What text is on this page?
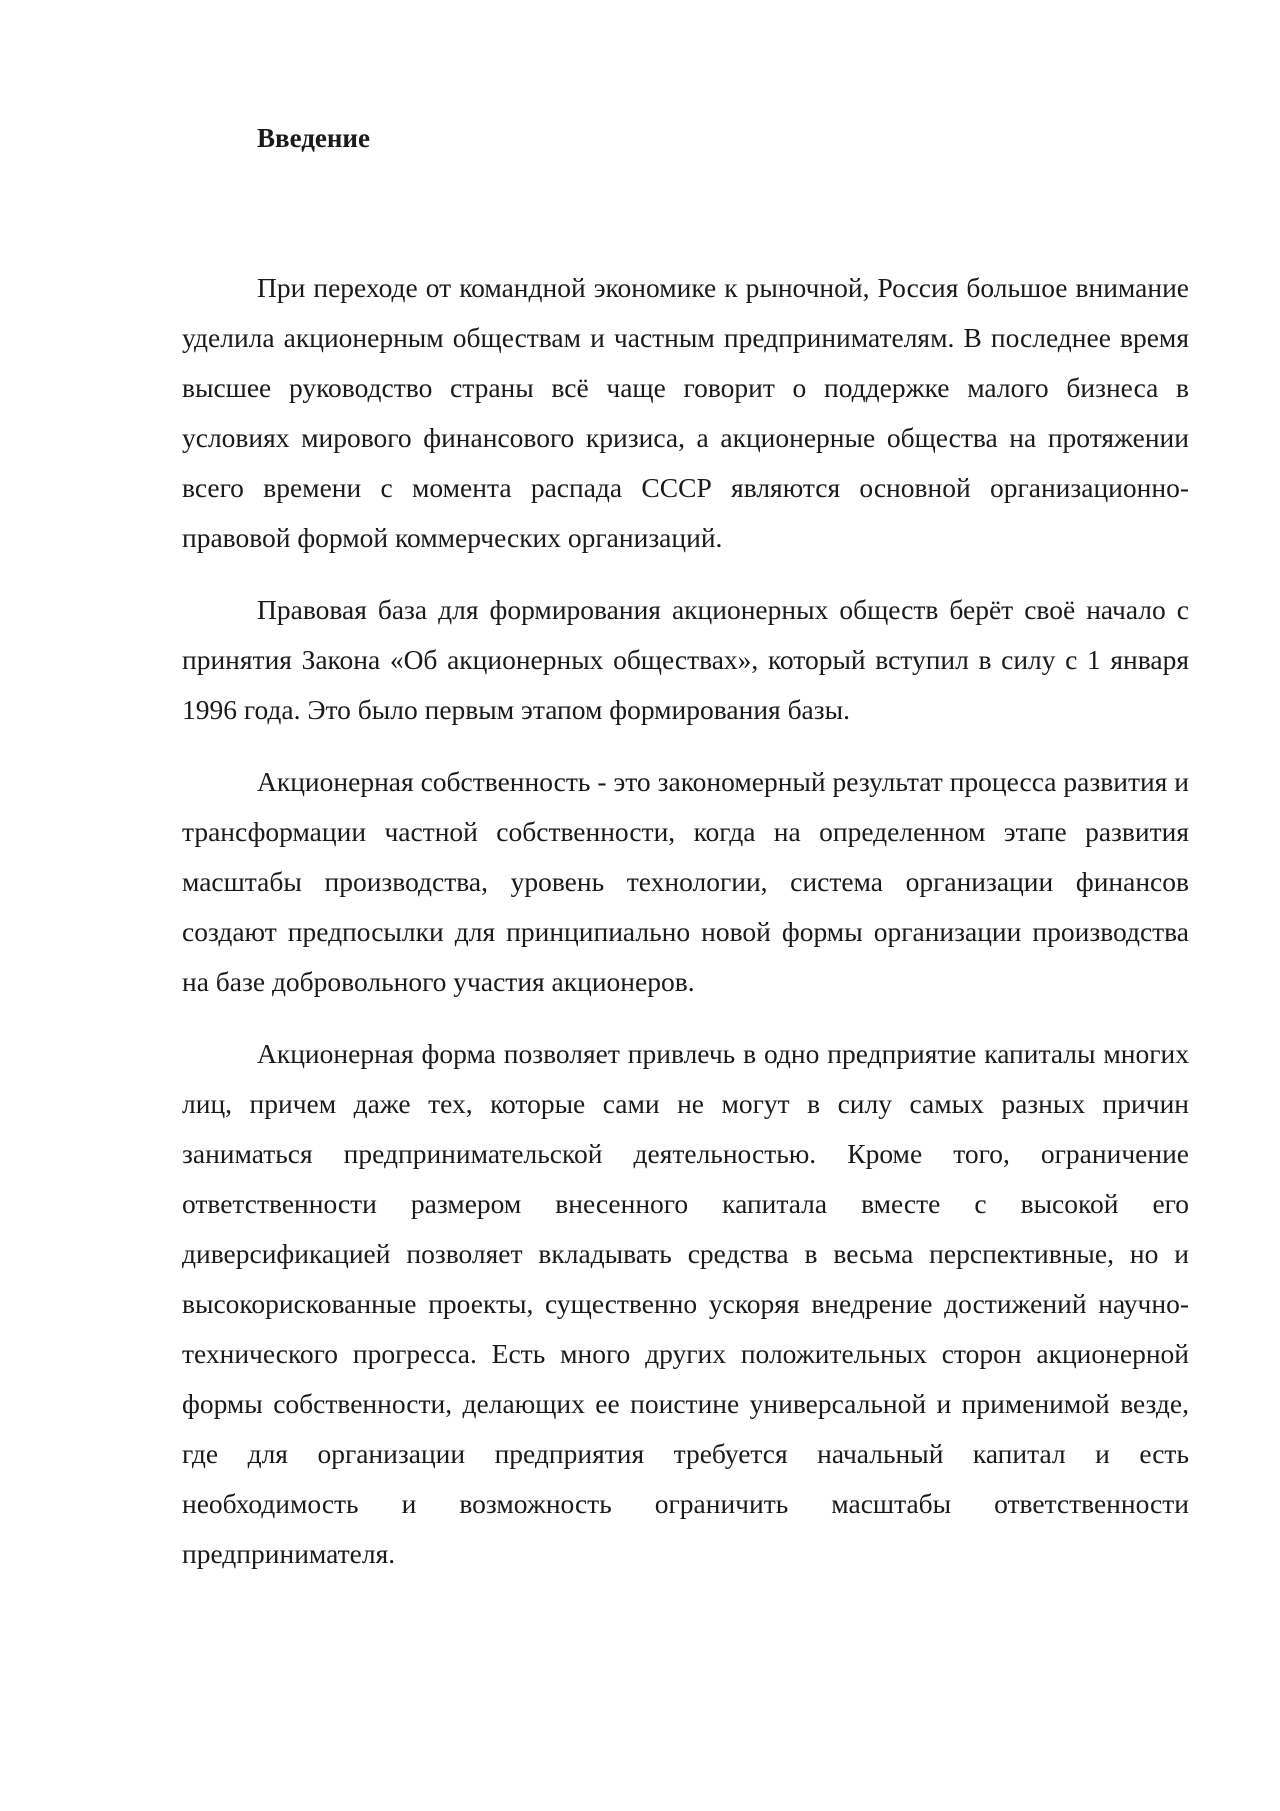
Введение

При переходе от командной экономике к рыночной, Россия большое внимание уделила акционерным обществам и частным предпринимателям. В последнее время высшее руководство страны всё чаще говорит о поддержке малого бизнеса в условиях мирового финансового кризиса, а акционерные общества на протяжении всего времени с момента распада СССР являются основной организационно-правовой формой коммерческих организаций.

Правовая база для формирования акционерных обществ берёт своё начало с принятия Закона «Об акционерных обществах», который вступил в силу с 1 января 1996 года. Это было первым этапом формирования базы.

Акционерная собственность - это закономерный результат процесса развития и трансформации частной собственности, когда на определенном этапе развития масштабы производства, уровень технологии, система организации финансов создают предпосылки для принципиально новой формы организации производства на базе добровольного участия акционеров.

Акционерная форма позволяет привлечь в одно предприятие капиталы многих лиц, причем даже тех, которые сами не могут в силу самых разных причин заниматься предпринимательской деятельностью. Кроме того, ограничение ответственности размером внесенного капитала вместе с высокой его диверсификацией позволяет вкладывать средства в весьма перспективные, но и высокорискованные проекты, существенно ускоряя внедрение достижений научно-технического прогресса. Есть много других положительных сторон акционерной формы собственности, делающих ее поистине универсальной и применимой везде, где для организации предприятия требуется начальный капитал и есть необходимость и возможность ограничить масштабы ответственности предпринимателя.
